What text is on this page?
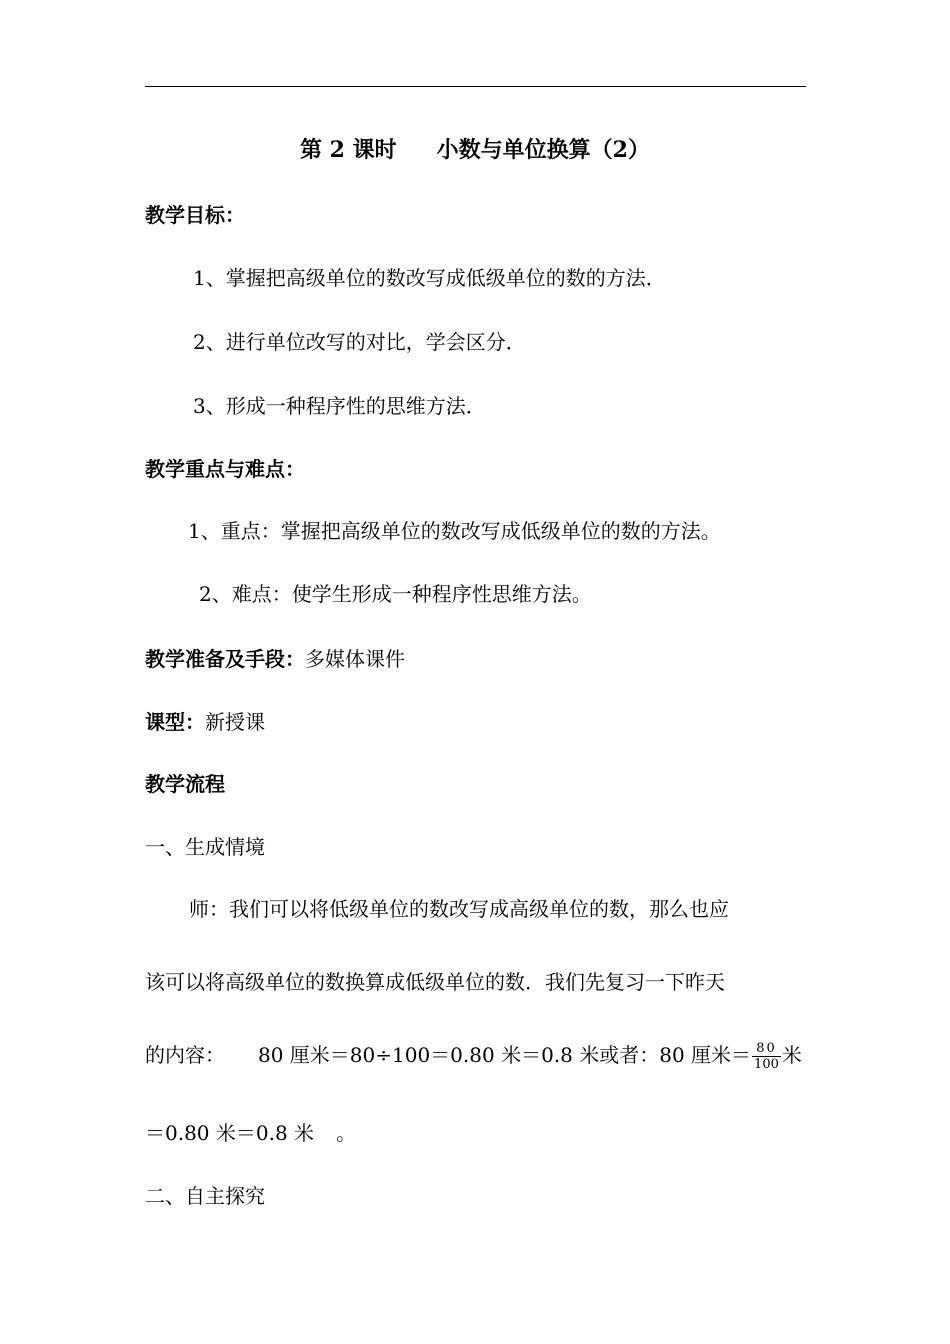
第 2 课时 小数与单位换算（2）
教学目标：
1、掌握把高级单位的数改写成低级单位的数的方法．
2、进行单位改写的对比，学会区分．
3、形成一种程序性的思维方法．
教学重点与难点：
1、重点：掌握把高级单位的数改写成低级单位的数的方法。
2、难点：使学生形成一种程序性思维方法。
教学准备及手段：多媒体课件
课型：新授课
教学流程
一、生成情境
师：我们可以将低级单位的数改写成高级单位的数，那么也应
该可以将高级单位的数换算成低级单位的数．我们先复习一下昨天
的内容： 80 厘米＝80÷100＝0.80 米＝0.8 米或者：80 厘米＝ $\frac{80}{100}$ 米
＝0.80 米＝0.8 米 。
二、自主探究
